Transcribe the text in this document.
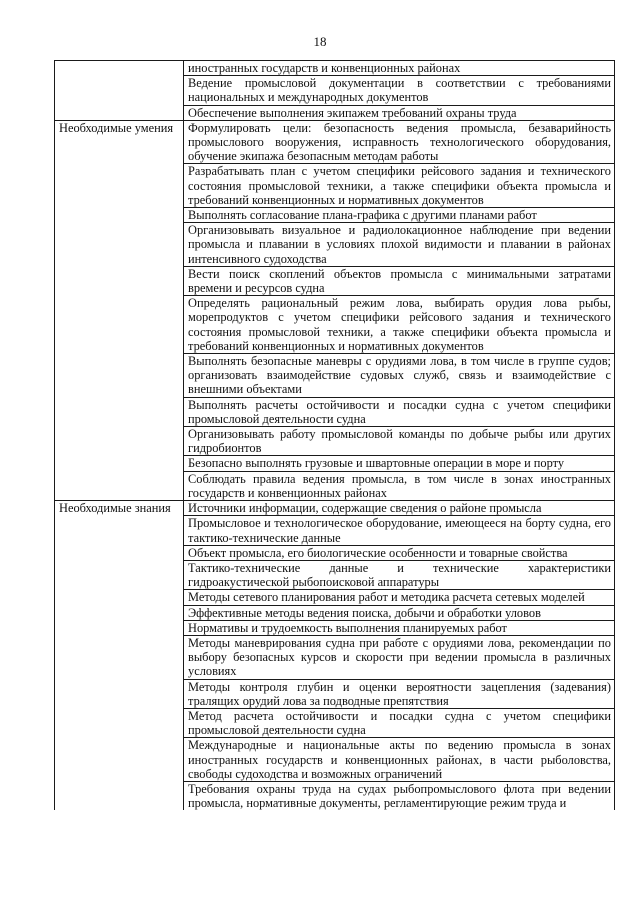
18
	иностранных государств и конвенционных районах
	Ведение промысловой документации в соответствии с требованиями национальных и международных документов
	Обеспечение выполнения экипажем требований охраны труда
Необходимые умения	Формулировать цели: безопасность ведения промысла, безаварийность промыслового вооружения, исправность технологического оборудования, обучение экипажа безопасным методам работы
	Разрабатывать план с учетом специфики рейсового задания и технического состояния промысловой техники, а также специфики объекта промысла и требований конвенционных и нормативных документов
	Выполнять согласование плана-графика с другими планами работ
	Организовывать визуальное и радиолокационное наблюдение при ведении промысла и плавании в условиях плохой видимости и плавании в районах интенсивного судоходства
	Вести поиск скоплений объектов промысла с минимальными затратами времени и ресурсов судна
	Определять рациональный режим лова, выбирать орудия лова рыбы, морепродуктов с учетом специфики рейсового задания и технического состояния промысловой техники, а также специфики объекта промысла и требований конвенционных и нормативных документов
	Выполнять безопасные маневры с орудиями лова, в том числе в группе судов; организовать взаимодействие судовых служб, связь и взаимодействие с внешними объектами
	Выполнять расчеты остойчивости и посадки судна с учетом специфики промысловой деятельности судна
	Организовывать работу промысловой команды по добыче рыбы или других гидробионтов
	Безопасно выполнять грузовые и швартовные операции в море и порту
	Соблюдать правила ведения промысла, в том числе в зонах иностранных государств и конвенционных районах
Необходимые знания	Источники информации, содержащие сведения о районе промысла
	Промысловое и технологическое оборудование, имеющееся на борту судна, его тактико-технические данные
	Объект промысла, его биологические особенности и товарные свойства
	Тактико-технические данные и технические характеристики гидроакустической рыбопоисковой аппаратуры
	Методы сетевого планирования работ и методика расчета сетевых моделей
	Эффективные методы ведения поиска, добычи и обработки уловов
	Нормативы и трудоемкость выполнения планируемых работ
	Методы маневрирования судна при работе с орудиями лова, рекомендации по выбору безопасных курсов и скорости при ведении промысла в различных условиях
	Методы контроля глубин и оценки вероятности зацепления (задевания) тралящих орудий лова за подводные препятствия
	Метод расчета остойчивости и посадки судна с учетом специфики промысловой деятельности судна
	Международные и национальные акты по ведению промысла в зонах иностранных государств и конвенционных районах, в части рыболовства, свободы судоходства и возможных ограничений
	Требования охраны труда на судах рыбопромыслового флота при ведении промысла, нормативные документы, регламентирующие режим труда и
